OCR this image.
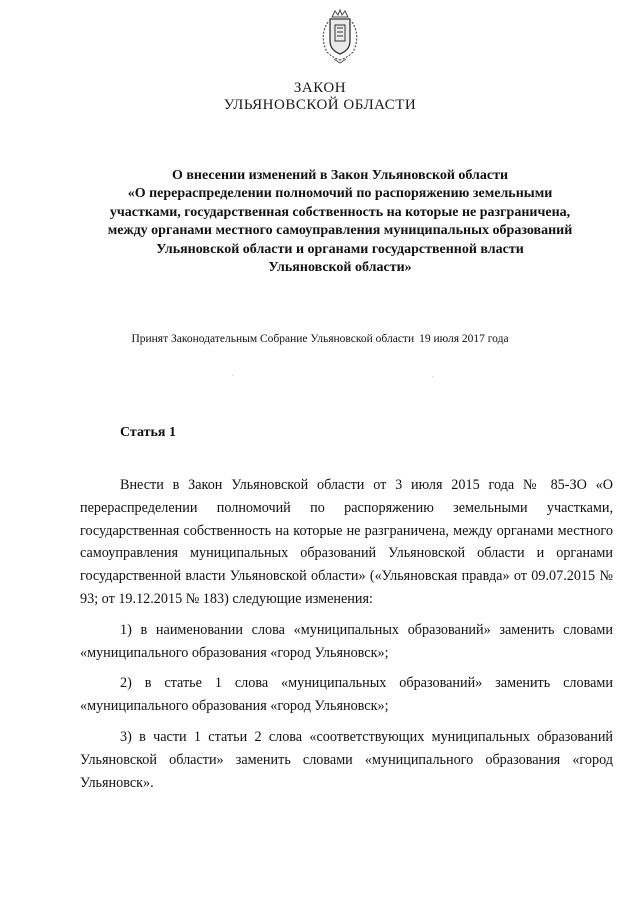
ЗАКОН
УЛЬЯНОВСКОЙ ОБЛАСТИ
О внесении изменений в Закон Ульяновской области
«О перераспределении полномочий по распоряжению земельными
участками, государственная собственность на которые не разграничена,
между органами местного самоуправления муниципальных образований
Ульяновской области и органами государственной власти
Ульяновской области»
Принят Законодательным Собрание Ульяновской области 19 июля 2017 года
Статья 1

Внести в Закон Ульяновской области от 3 июля 2015 года № 85-ЗО «О перераспределении полномочий по распоряжению земельными участками, государственная собственность на которые не разграничена, между органами местного самоуправления муниципальных образований Ульяновской области и органами государственной власти Ульяновской области» («Ульяновская правда» от 09.07.2015 № 93; от 19.12.2015 № 183) следующие изменения:

1) в наименовании слова «муниципальных образований» заменить словами «муниципального образования «город Ульяновск»;

2) в статье 1 слова «муниципальных образований» заменить словами «муниципального образования «город Ульяновск»;

3) в части 1 статьи 2 слова «соответствующих муниципальных образований Ульяновской области» заменить словами «муниципального образования «город Ульяновск».
